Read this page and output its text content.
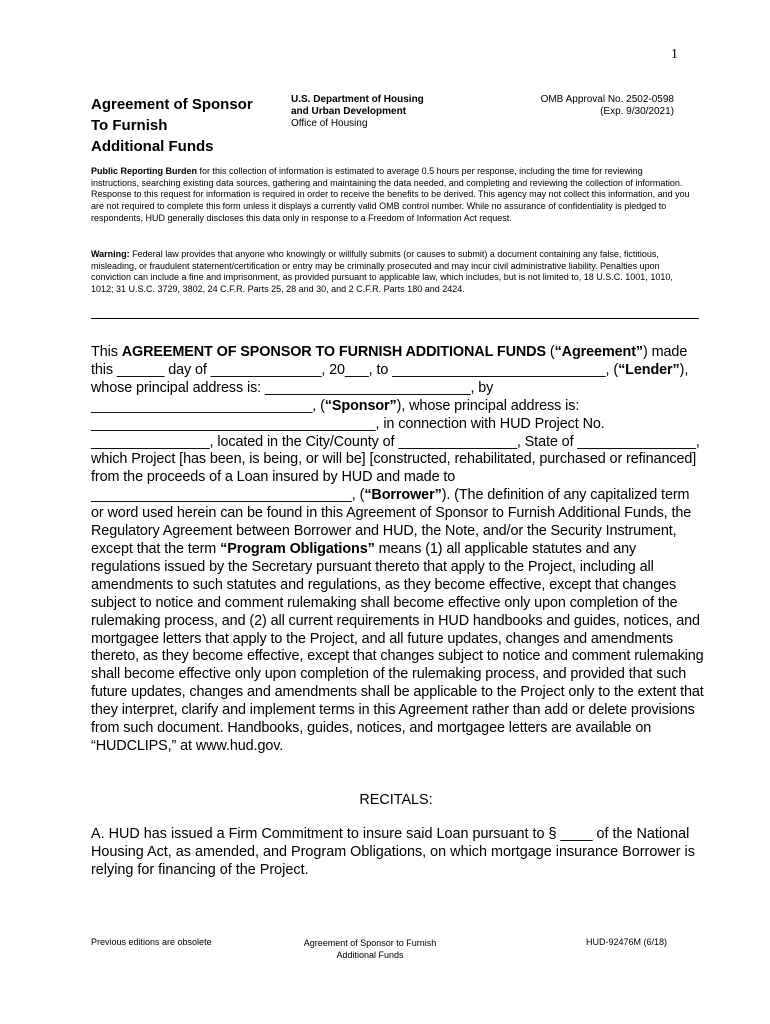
1
Agreement of Sponsor
To Furnish
Additional Funds
U.S. Department of Housing
and Urban Development
Office of Housing
OMB Approval No. 2502-0598
(Exp. 9/30/2021)
Public Reporting Burden for this collection of information is estimated to average 0.5 hours per response, including the time for reviewing instructions, searching existing data sources, gathering and maintaining the data needed, and completing and reviewing the collection of information. Response to this request for information is required in order to receive the benefits to be derived. This agency may not collect this information, and you are not required to complete this form unless it displays a currently valid OMB control number. While no assurance of confidentiality is pledged to respondents, HUD generally discloses this data only in response to a Freedom of Information Act request.
Warning: Federal law provides that anyone who knowingly or willfully submits (or causes to submit) a document containing any false, fictitious, misleading, or fraudulent statement/certification or entry may be criminally prosecuted and may incur civil administrative liability. Penalties upon conviction can include a fine and imprisonment, as provided pursuant to applicable law, which includes, but is not limited to, 18 U.S.C. 1001, 1010, 1012; 31 U.S.C. 3729, 3802, 24 C.F.R. Parts 25, 28 and 30, and 2 C.F.R. Parts 180 and 2424.
This AGREEMENT OF SPONSOR TO FURNISH ADDITIONAL FUNDS (“Agreement”) made this ______ day of ______________, 20___, to ___________________________, (“Lender”), whose principal address is: __________________________, by ____________________________, (“Sponsor”), whose principal address is: ____________________________________, in connection with HUD Project No. _______________, located in the City/County of _______________, State of _______________, which Project [has been, is being, or will be] [constructed, rehabilitated, purchased or refinanced] from the proceeds of a Loan insured by HUD and made to _________________________________, (“Borrower”). (The definition of any capitalized term or word used herein can be found in this Agreement of Sponsor to Furnish Additional Funds, the Regulatory Agreement between Borrower and HUD, the Note, and/or the Security Instrument, except that the term “Program Obligations” means (1) all applicable statutes and any regulations issued by the Secretary pursuant thereto that apply to the Project, including all amendments to such statutes and regulations, as they become effective, except that changes subject to notice and comment rulemaking shall become effective only upon completion of the rulemaking process, and (2) all current requirements in HUD handbooks and guides, notices, and mortgagee letters that apply to the Project, and all future updates, changes and amendments thereto, as they become effective, except that changes subject to notice and comment rulemaking shall become effective only upon completion of the rulemaking process, and provided that such future updates, changes and amendments shall be applicable to the Project only to the extent that they interpret, clarify and implement terms in this Agreement rather than add or delete provisions from such document. Handbooks, guides, notices, and mortgagee letters are available on “HUDCLIPS,” at www.hud.gov.
RECITALS:
A. HUD has issued a Firm Commitment to insure said Loan pursuant to § ____ of the National Housing Act, as amended, and Program Obligations, on which mortgage insurance Borrower is relying for financing of the Project.
Previous editions are obsolete	Agreement of Sponsor to Furnish
Additional Funds
HUD-92476M (6/18)
